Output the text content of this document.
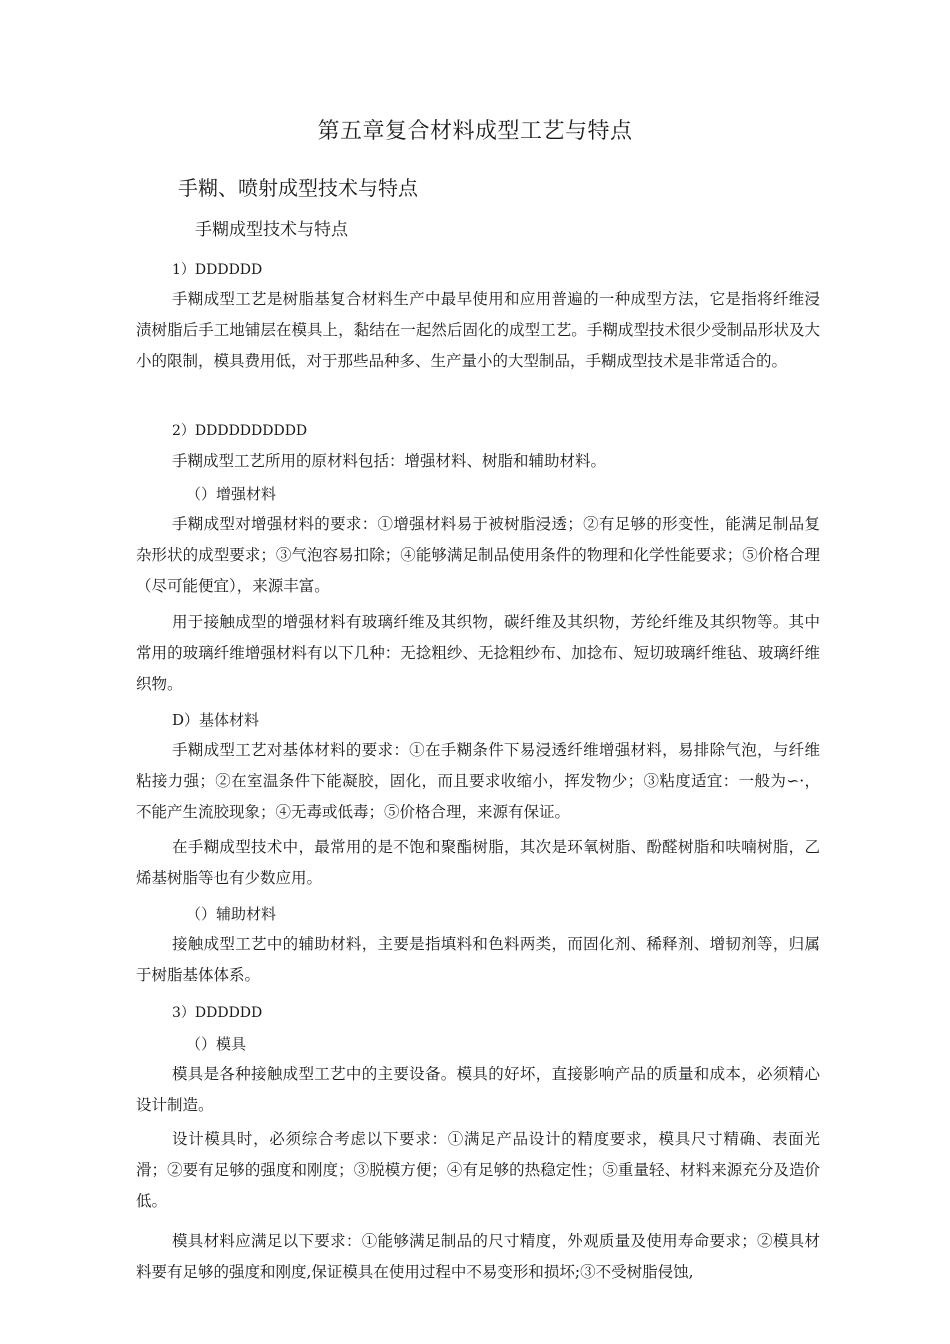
第五章复合材料成型工艺与特点
手糊、喷射成型技术与特点
手糊成型技术与特点
1）DDDDDD

手糊成型工艺是树脂基复合材料生产中最早使用和应用普遍的一种成型方法，它是指将纤维浸渍树脂后手工地铺层在模具上，黏结在一起然后固化的成型工艺。手糊成型技术很少受制品形状及大小的限制，模具费用低，对于那些品种多、生产量小的大型制品，手糊成型技术是非常适合的。

2）DDDDDDDDDD

手糊成型工艺所用的原材料包括：增强材料、树脂和辅助材料。

（）增强材料

手糊成型对增强材料的要求：①增强材料易于被树脂浸透；②有足够的形变性，能满足制品复杂形状的成型要求；③气泡容易扣除；④能够满足制品使用条件的物理和化学性能要求；⑤价格合理（尽可能便宜），来源丰富。

用于接触成型的增强材料有玻璃纤维及其织物，碳纤维及其织物，芳纶纤维及其织物等。其中常用的玻璃纤维增强材料有以下几种：无捻粗纱、无捻粗纱布、加捻布、短切玻璃纤维毡、玻璃纤维织物。

D）基体材料

手糊成型工艺对基体材料的要求：①在手糊条件下易浸透纤维增强材料，易排除气泡，与纤维粘接力强；②在室温条件下能凝胶，固化，而且要求收缩小，挥发物少；③粘度适宜：一般为∽·，不能产生流胶现象；④无毒或低毒；⑤价格合理，来源有保证。

在手糊成型技术中，最常用的是不饱和聚酯树脂，其次是环氧树脂、酚醛树脂和呋喃树脂，乙烯基树脂等也有少数应用。

（）辅助材料

接触成型工艺中的辅助材料，主要是指填料和色料两类，而固化剂、稀释剂、增韧剂等，归属于树脂基体体系。

3）DDDDDD
（）模具

模具是各种接触成型工艺中的主要设备。模具的好坏，直接影响产品的质量和成本，必须精心设计制造。

设计模具时，必须综合考虑以下要求：①满足产品设计的精度要求，模具尺寸精确、表面光滑；②要有足够的强度和刚度；③脱模方便；④有足够的热稳定性；⑤重量轻、材料来源充分及造价低。

模具材料应满足以下要求：①能够满足制品的尺寸精度，外观质量及使用寿命要求；②模具材料要有足够的强度和刚度,保证模具在使用过程中不易变形和损坏;③不受树脂侵蚀,
